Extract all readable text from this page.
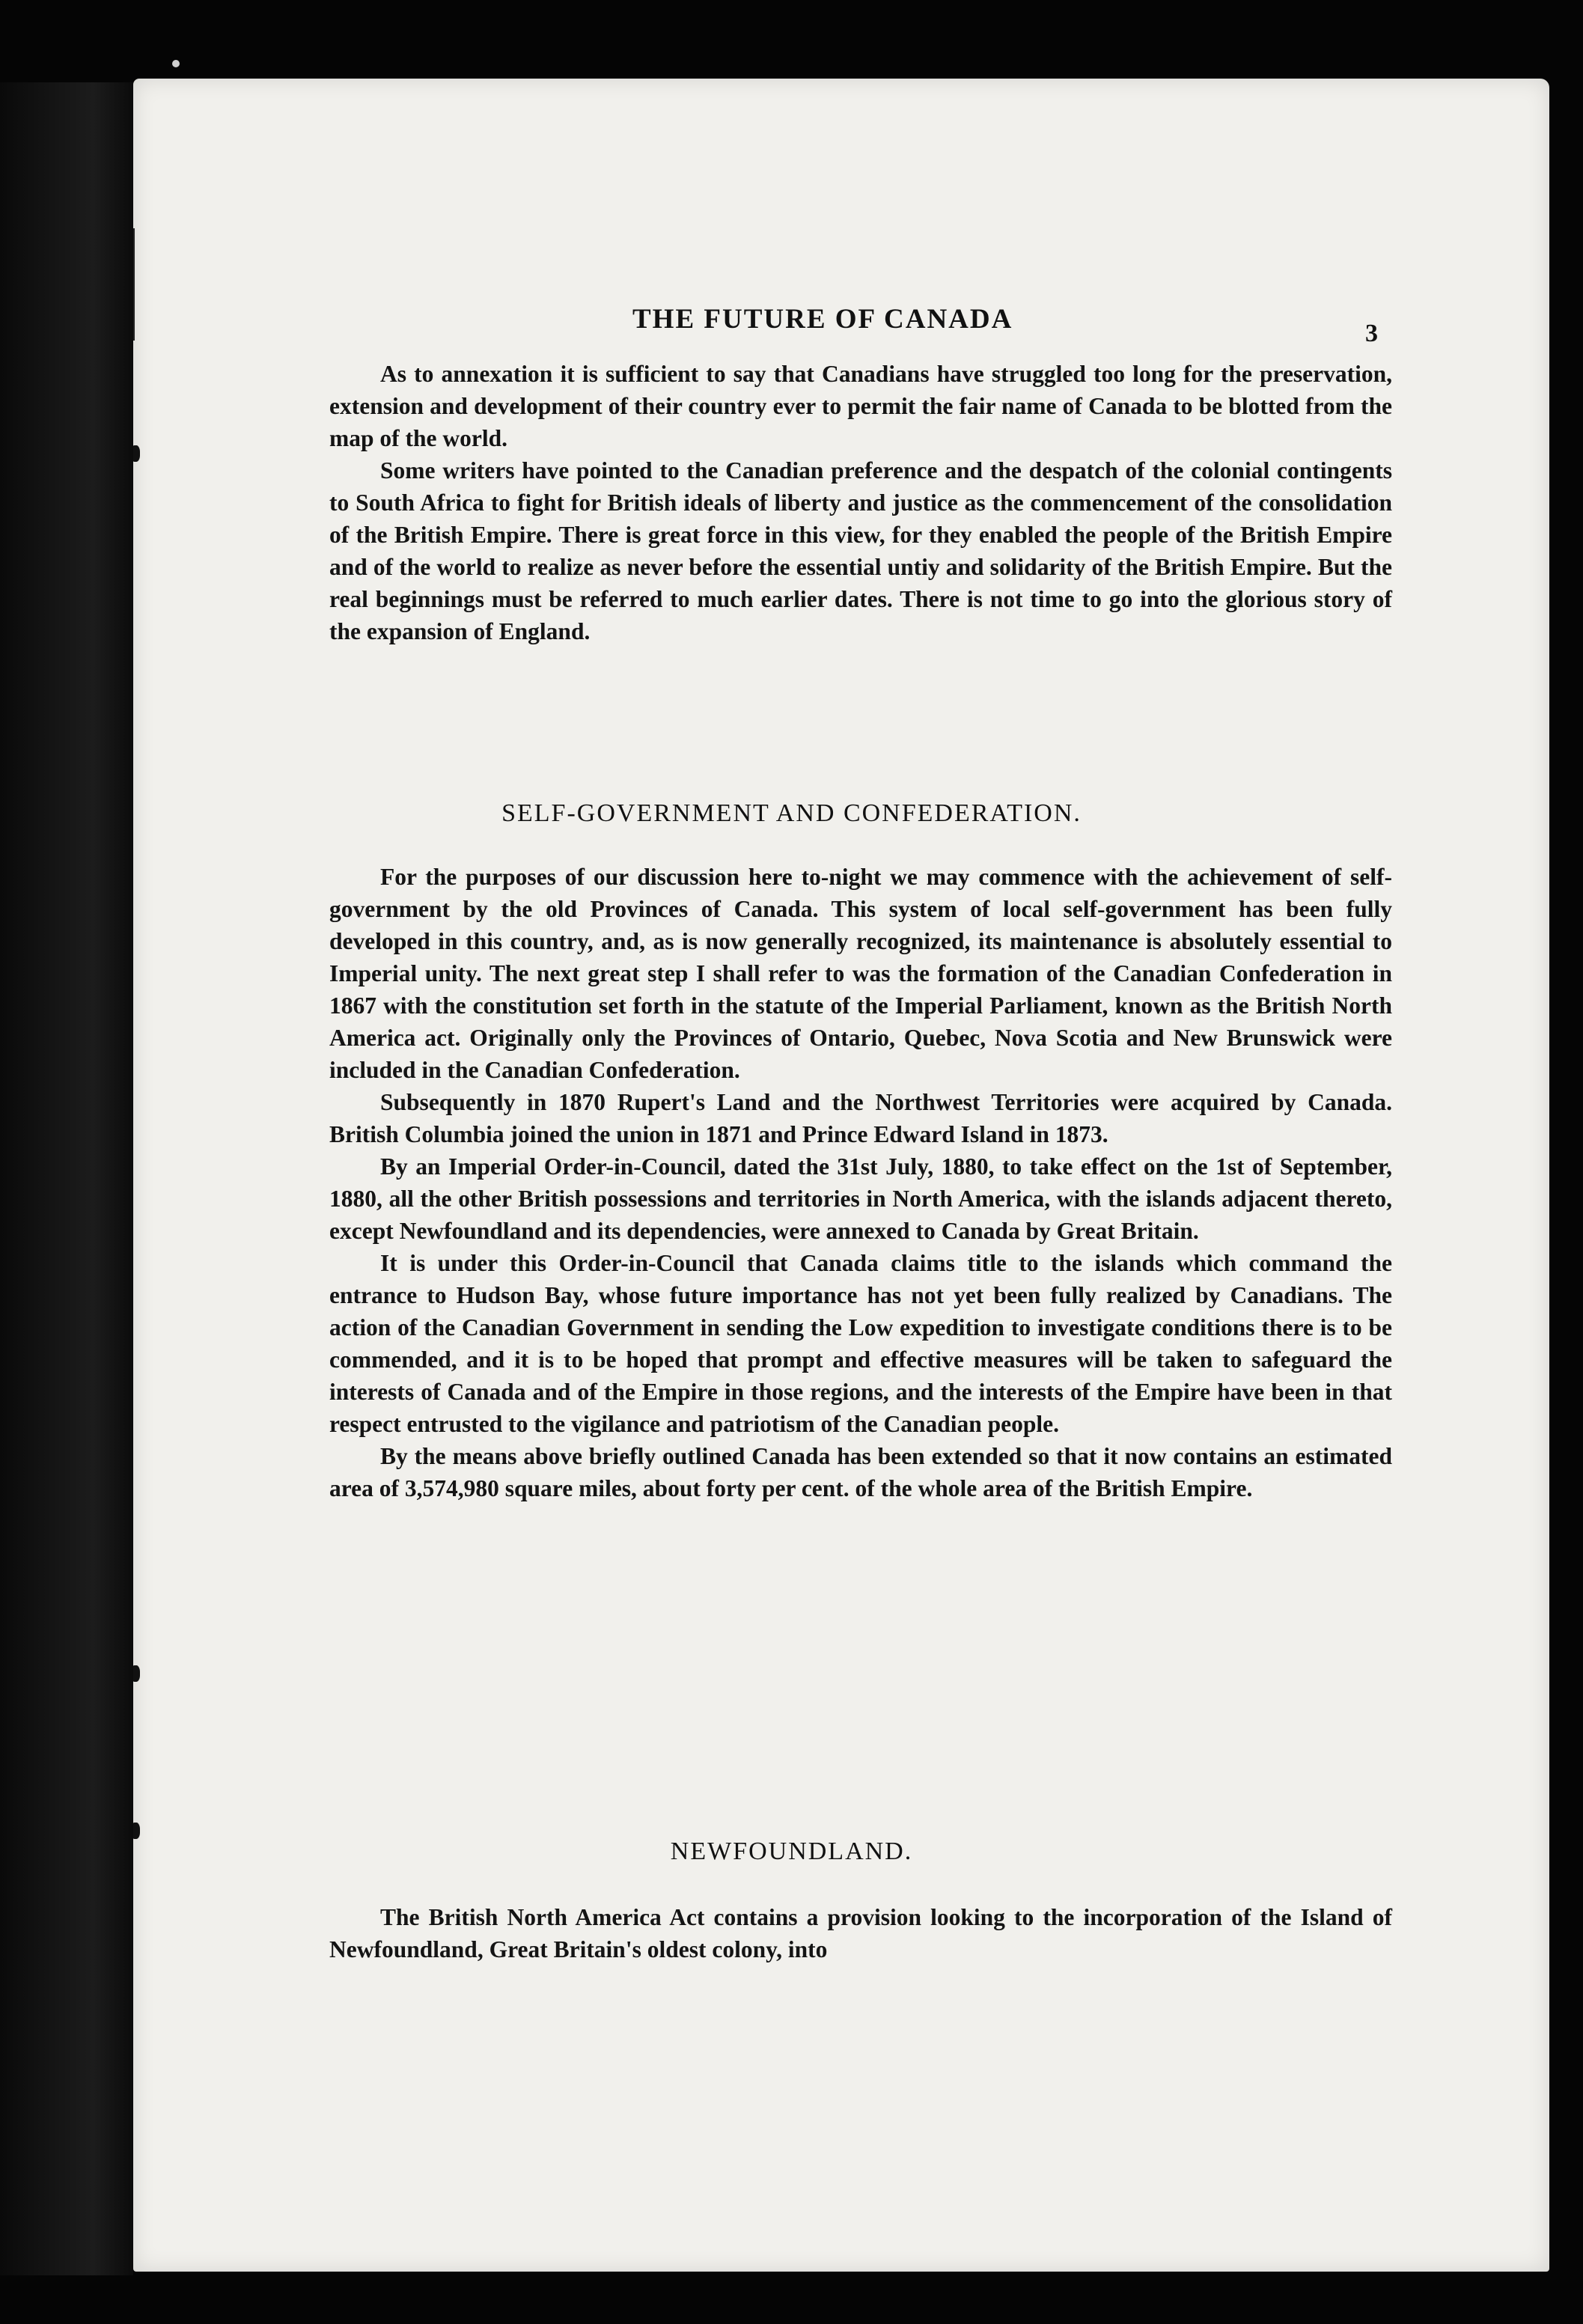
THE FUTURE OF CANADA	3

As to annexation it is sufficient to say that Canadians have struggled too long for the preservation, extension and development of their country ever to permit the fair name of Canada to be blotted from the map of the world.

Some writers have pointed to the Canadian preference and the despatch of the colonial contingents to South Africa to fight for British ideals of liberty and justice as the commencement of the consolidation of the British Empire. There is great force in this view, for they enabled the people of the British Empire and of the world to realize as never before the essential untiy and solidarity of the British Empire. But the real beginnings must be referred to much earlier dates. There is not time to go into the glorious story of the expansion of England.

SELF-GOVERNMENT AND CONFEDERATION.

For the purposes of our discussion here to-night we may commence with the achievement of self-government by the old Provinces of Canada. This system of local self-government has been fully developed in this country, and, as is now generally recognized, its maintenance is absolutely essential to Imperial unity. The next great step I shall refer to was the formation of the Canadian Confederation in 1867 with the constitution set forth in the statute of the Imperial Parliament, known as the British North America act. Originally only the Provinces of Ontario, Quebec, Nova Scotia and New Brunswick were included in the Canadian Confederation.

Subsequently in 1870 Rupert's Land and the Northwest Territories were acquired by Canada. British Columbia joined the union in 1871 and Prince Edward Island in 1873.

By an Imperial Order-in-Council, dated the 31st July, 1880, to take effect on the 1st of September, 1880, all the other British possessions and territories in North America, with the islands adjacent thereto, except Newfoundland and its dependencies, were annexed to Canada by Great Britain.

It is under this Order-in-Council that Canada claims title to the islands which command the entrance to Hudson Bay, whose future importance has not yet been fully realized by Canadians. The action of the Canadian Government in sending the Low expedition to investigate conditions there is to be commended, and it is to be hoped that prompt and effective measures will be taken to safeguard the interests of Canada and of the Empire in those regions, and the interests of the Empire have been in that respect entrusted to the vigilance and patriotism of the Canadian people.

By the means above briefly outlined Canada has been extended so that it now contains an estimated area of 3,574,980 square miles, about forty per cent. of the whole area of the British Empire.

NEWFOUNDLAND.

The British North America Act contains a provision looking to the incorporation of the Island of Newfoundland, Great Britain's oldest colony, into
